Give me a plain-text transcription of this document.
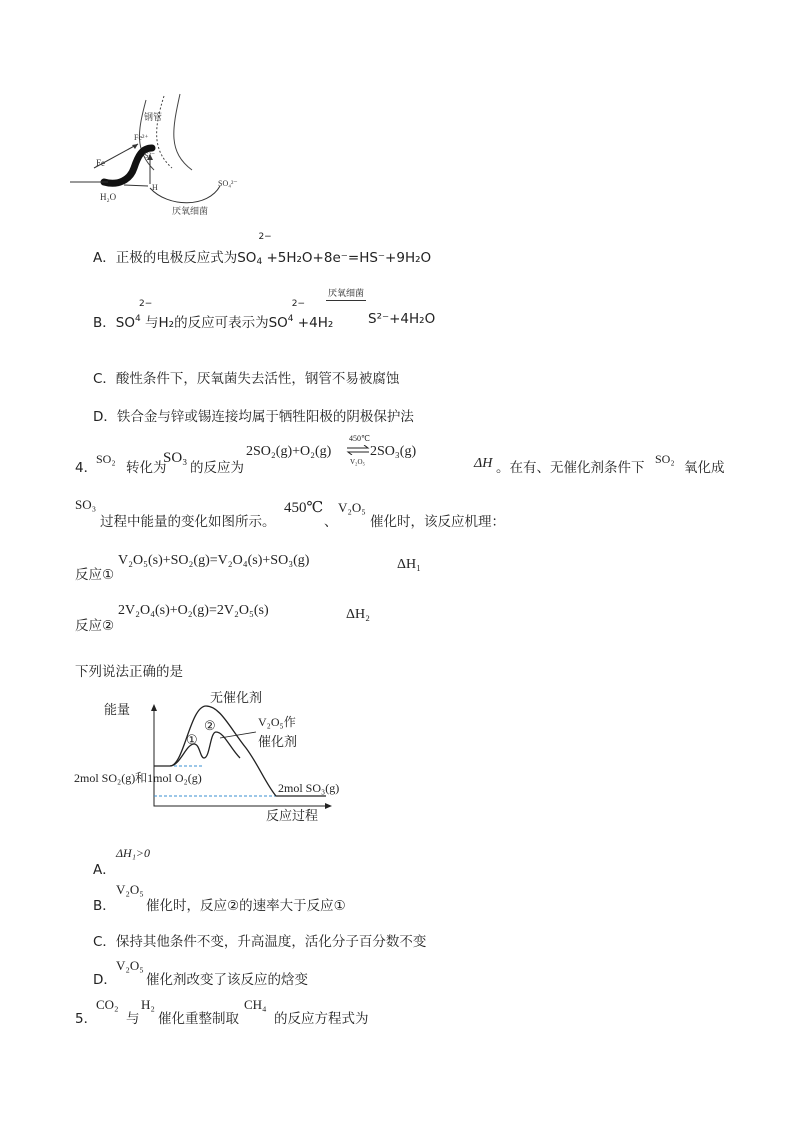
钢管
Fe²⁺
S²⁻
Fe
H
H₂O
厌氧细菌
SO₄²⁻
A．正极的电极反应式为SO
2−
4 +5H₂O+8e⁻=HS⁻+9H₂O
B．SO
2−
$^4$ 与H₂的反应可表示为SO
2−
$^4$ +4H₂
厌氧细菌
S²⁻+4H₂O
C．酸性条件下，厌氧菌失去活性，钢管不易被腐蚀
D．铁合金与锌或锡连接均属于牺牲阳极的阴极保护法
4．
SO₂
转化为
SO₃
的反应为
2SO₂(g)+O₂(g)
450℃
V₂O₅
2SO₃(g)
ΔH 。在有、无催化剂条件下
SO₂
氧化成
SO₃
过程中能量的变化如图所示。
450℃
、
V₂O₅
催化时，该反应机理：
反应①
V₂O₅(s)+SO₂(g)=V₂O₄(s)+SO₃(g)	ΔH₁
反应②
2V₂O₄(s)+O₂(g)=2V₂O₅(s)	ΔH₂
下列说法正确的是
能量
无催化剂
V₂O₅作
催化剂
①
②
2mol SO₂(g)和1mol O₂(g)
2mol SO₃(g)
反应过程
A．
ΔH₁>0
B．
V₂O₅
催化时，反应②的速率大于反应①
C．保持其他条件不变，升高温度，活化分子百分数不变
D．
V₂O₅
催化剂改变了该反应的焓变
5．
CO₂
与
H₂
催化重整制取
CH₄
的反应方程式为
